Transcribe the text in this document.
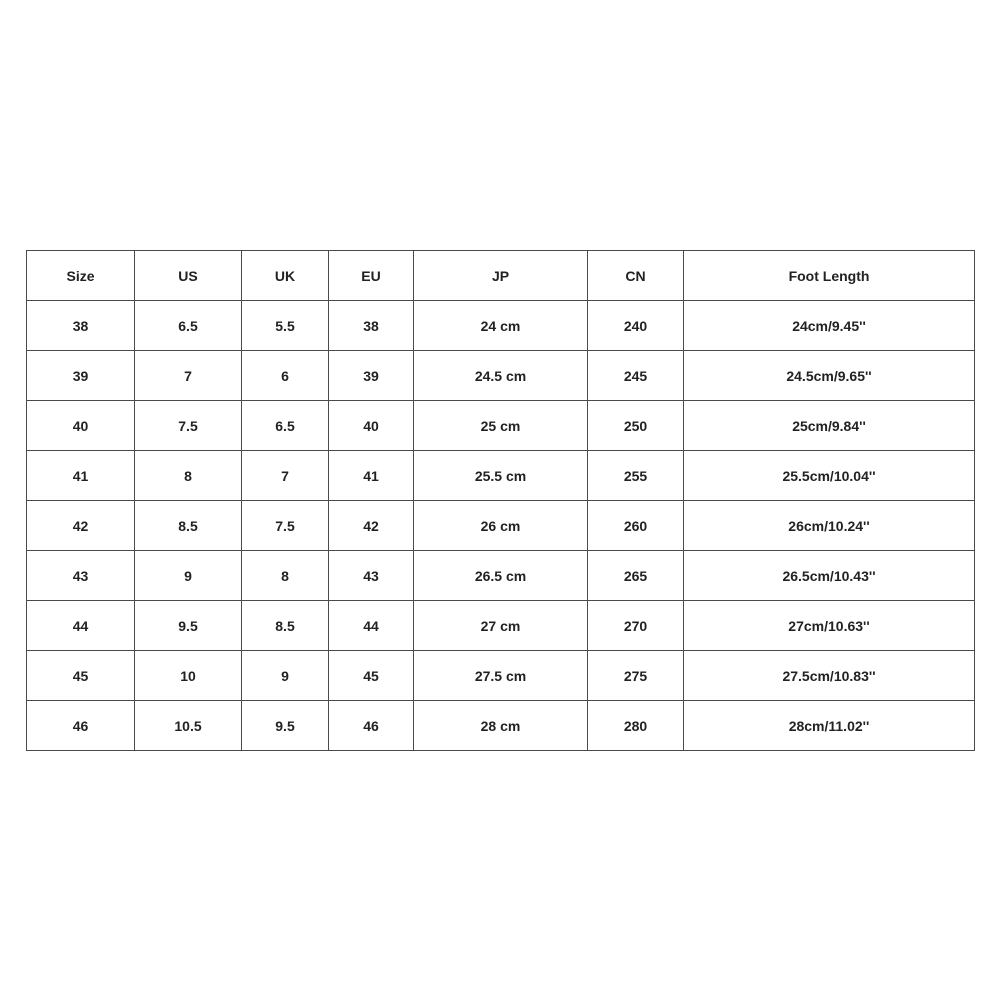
Size	US	UK	EU	JP	CN	Foot Length
38	6.5	5.5	38	24 cm	240	24cm/9.45''
39	7	6	39	24.5 cm	245	24.5cm/9.65''
40	7.5	6.5	40	25 cm	250	25cm/9.84''
41	8	7	41	25.5 cm	255	25.5cm/10.04''
42	8.5	7.5	42	26 cm	260	26cm/10.24''
43	9	8	43	26.5 cm	265	26.5cm/10.43''
44	9.5	8.5	44	27 cm	270	27cm/10.63''
45	10	9	45	27.5 cm	275	27.5cm/10.83''
46	10.5	9.5	46	28 cm	280	28cm/11.02''
